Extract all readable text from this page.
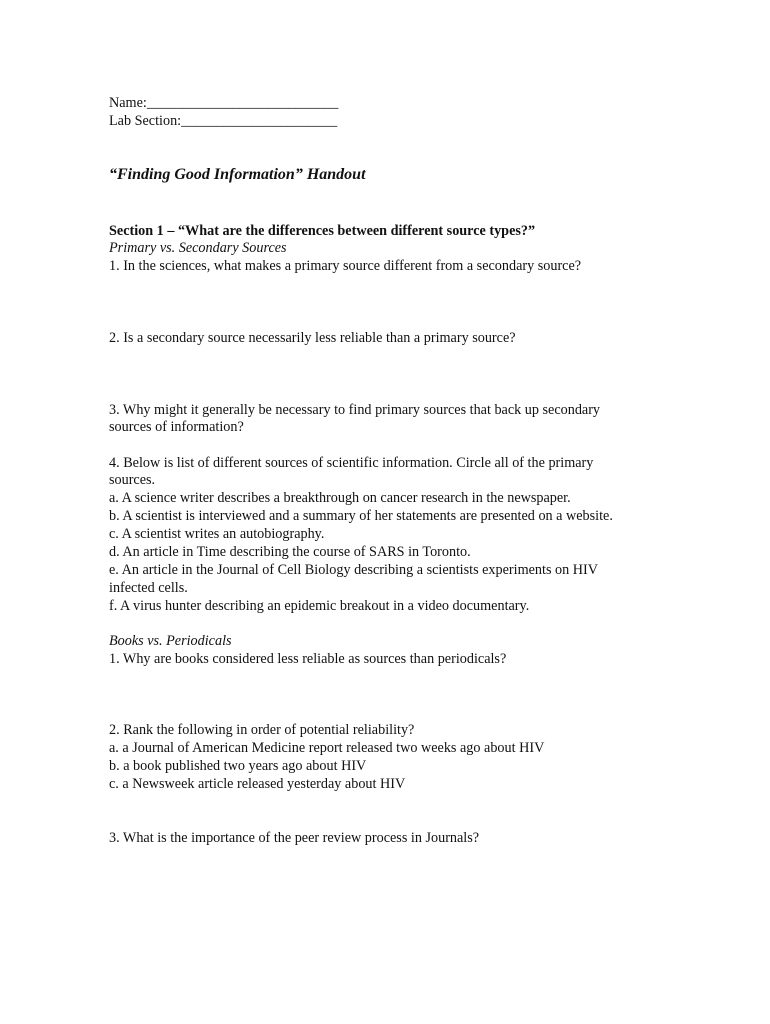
Name:___________________________
Lab Section:______________________
“Finding Good Information” Handout
Section 1 – “What are the differences between different source types?”
Primary vs. Secondary Sources
1. In the sciences, what makes a primary source different from a secondary source?
2. Is a secondary source necessarily less reliable than a primary source?
3. Why might it generally be necessary to find primary sources that back up secondary
sources of information?
4. Below is list of different sources of scientific information. Circle all of the primary
sources.
a. A science writer describes a breakthrough on cancer research in the newspaper.
b. A scientist is interviewed and a summary of her statements are presented on a website.
c. A scientist writes an autobiography.
d. An article in Time describing the course of SARS in Toronto.
e. An article in the Journal of Cell Biology describing a scientists experiments on HIV
infected cells.
f. A virus hunter describing an epidemic breakout in a video documentary.
Books vs. Periodicals
1. Why are books considered less reliable as sources than periodicals?
2. Rank the following in order of potential reliability?
a. a Journal of American Medicine report released two weeks ago about HIV
b. a book published two years ago about HIV
c. a Newsweek article released yesterday about HIV
3. What is the importance of the peer review process in Journals?
